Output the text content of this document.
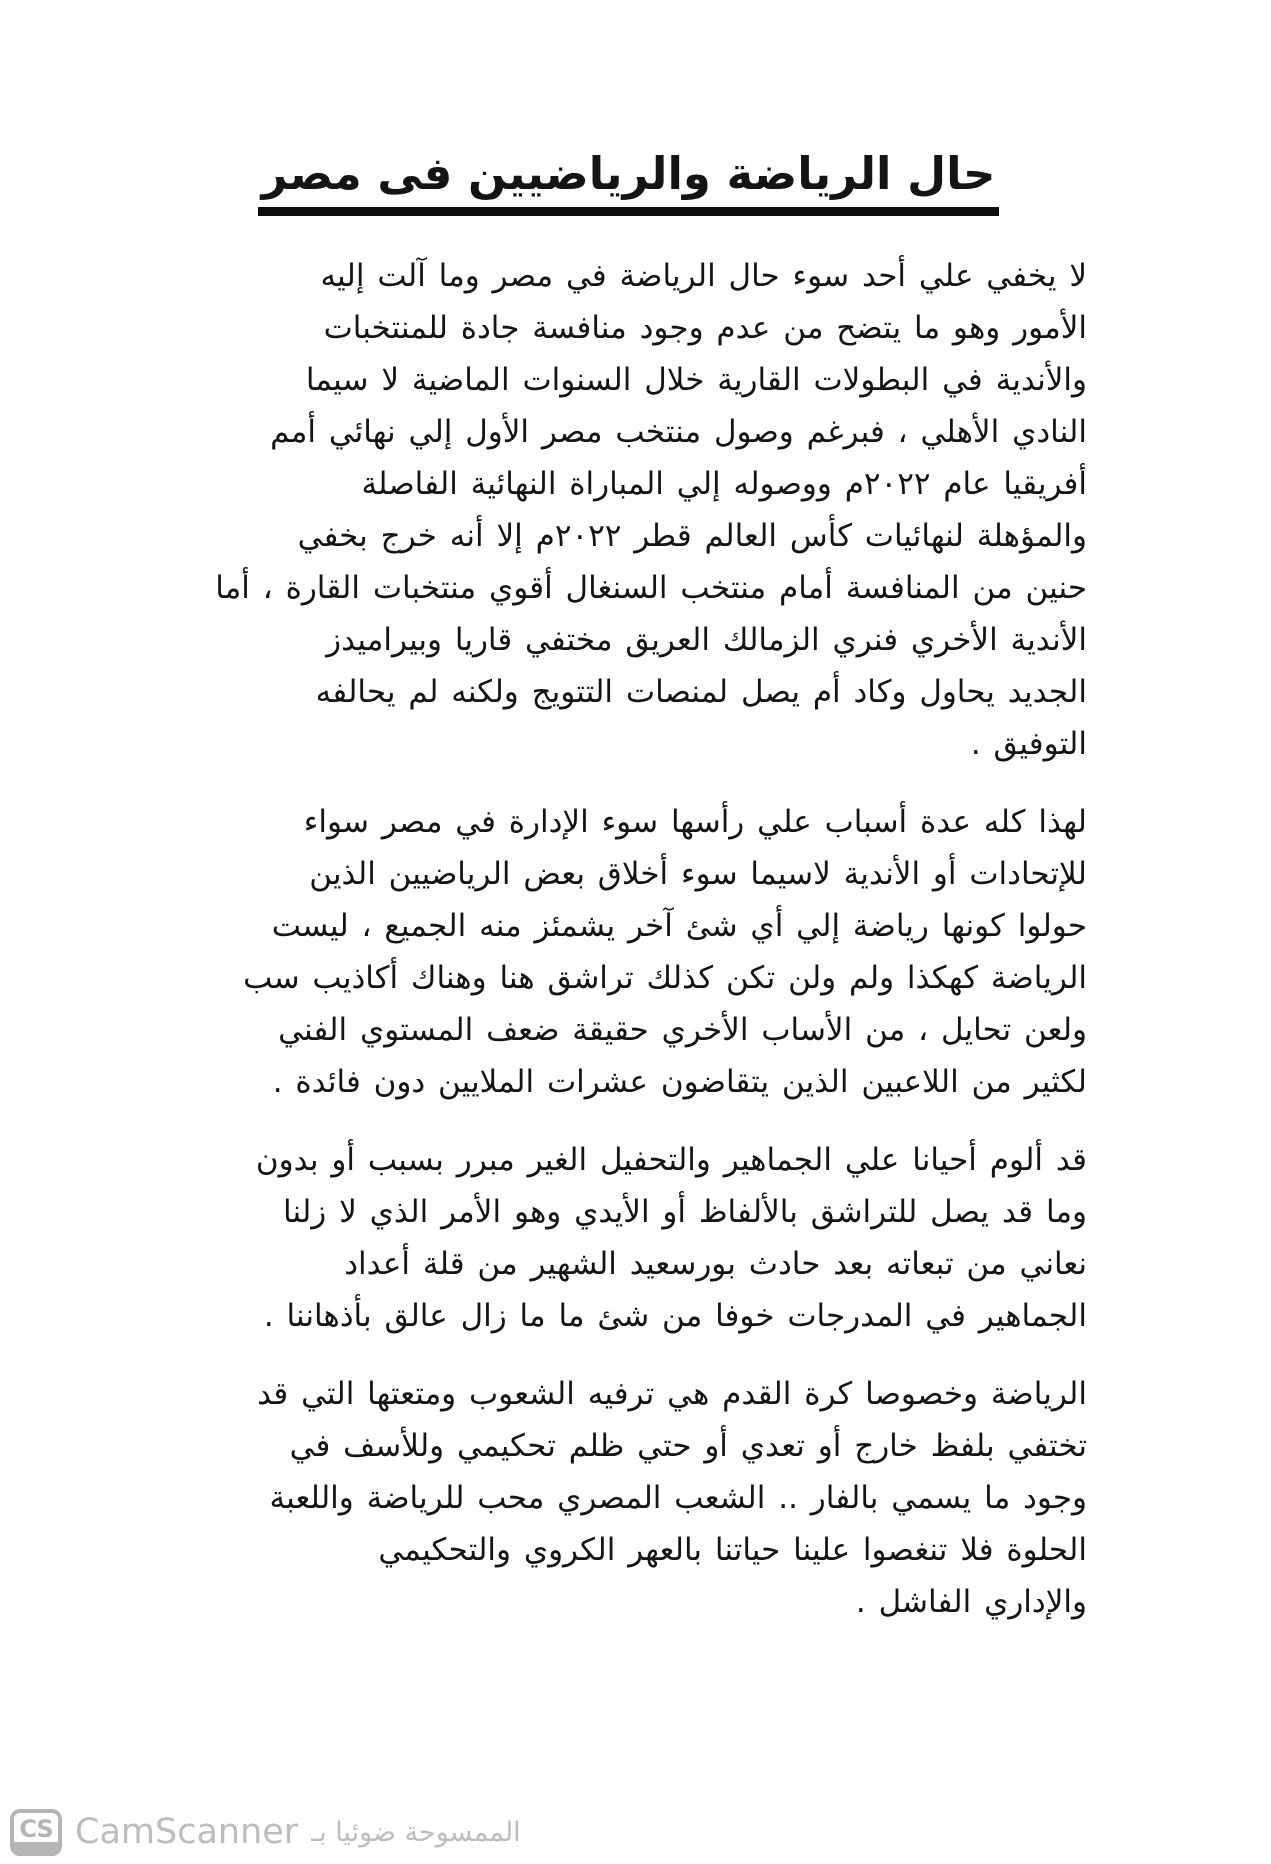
حال الرياضة والرياضيين فى مصر
لا يخفي علي أحد سوء حال الرياضة في مصر وما آلت إليه
الأمور وهو ما يتضح من عدم وجود منافسة جادة للمنتخبات
والأندية في البطولات القارية خلال السنوات الماضية لا سيما
النادي الأهلي ، فبرغم وصول منتخب مصر الأول إلي نهائي أمم
أفريقيا عام ٢٠٢٢م ووصوله إلي المباراة النهائية الفاصلة
والمؤهلة لنهائيات كأس العالم قطر ٢٠٢٢م إلا أنه خرج بخفي
حنين من المنافسة أمام منتخب السنغال أقوي منتخبات القارة ، أما
الأندية الأخري فنري الزمالك العريق مختفي قاريا وبيراميدز
الجديد يحاول وكاد أم يصل لمنصات التتويج ولكنه لم يحالفه
التوفيق .
لهذا كله عدة أسباب علي رأسها سوء الإدارة في مصر سواء
للإتحادات أو الأندية لاسيما سوء أخلاق بعض الرياضيين الذين
حولوا كونها رياضة إلي أي شئ آخر يشمئز منه الجميع ، ليست
الرياضة كهكذا ولم ولن تكن كذلك تراشق هنا وهناك أكاذيب سب
ولعن تحايل ، من الأساب الأخري حقيقة ضعف المستوي الفني
لكثير من اللاعبين الذين يتقاضون عشرات الملايين دون فائدة .
قد ألوم أحيانا علي الجماهير والتحفيل الغير مبرر بسبب أو بدون
وما قد يصل للتراشق بالألفاظ أو الأيدي وهو الأمر الذي لا زلنا
نعاني من تبعاته بعد حادث بورسعيد الشهير من قلة أعداد
الجماهير في المدرجات خوفا من شئ ما ما زال عالق بأذهاننا .
الرياضة وخصوصا كرة القدم هي ترفيه الشعوب ومتعتها التي قد
تختفي بلفظ خارج أو تعدي أو حتي ظلم تحكيمي وللأسف في
وجود ما يسمي بالفار .. الشعب المصري محب للرياضة واللعبة
الحلوة فلا تنغصوا علينا حياتنا بالعهر الكروي والتحكيمي
والإداري الفاشل .
CS CamScanner الممسوحة ضوئيا بـ
